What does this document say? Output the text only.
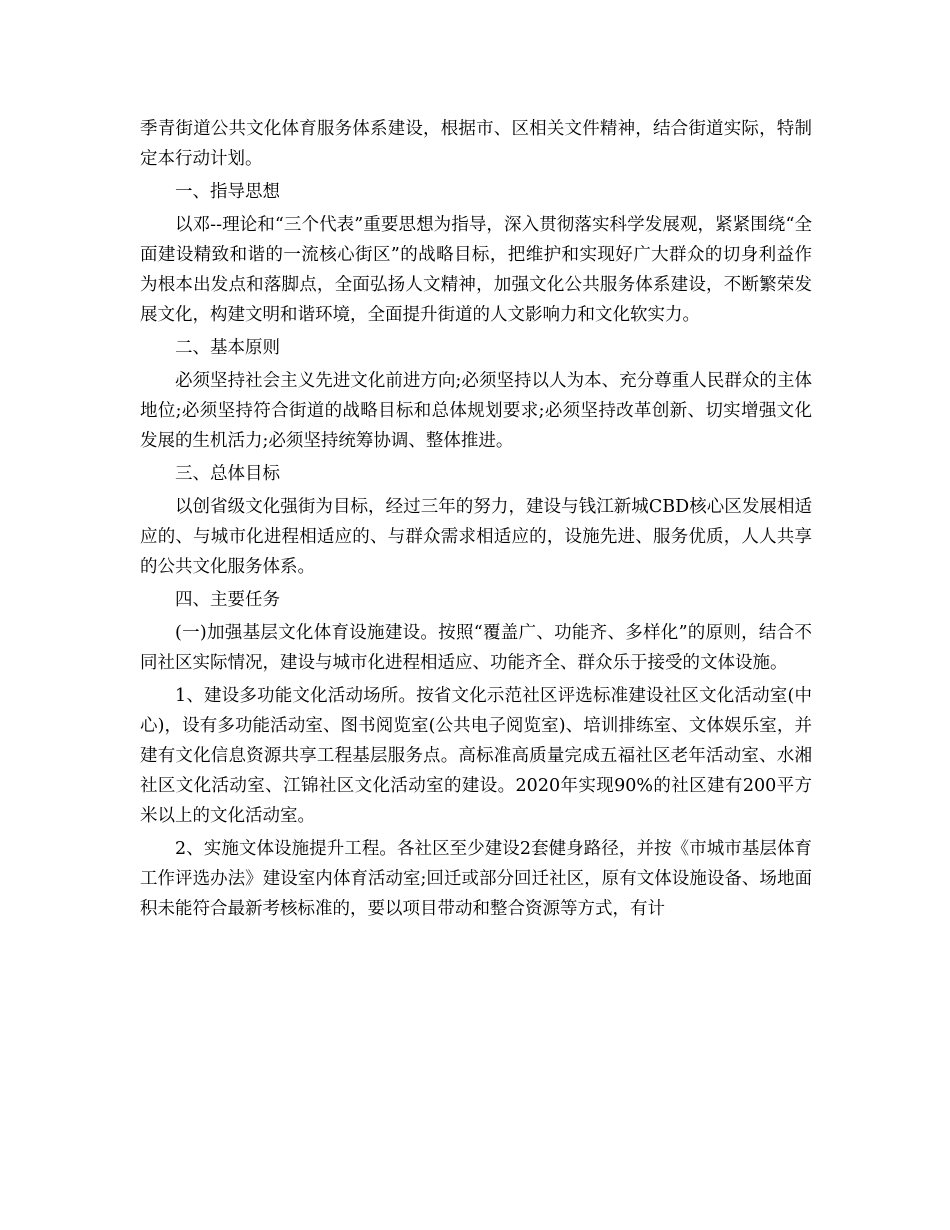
季青街道公共文化体育服务体系建设，根据市、区相关文件精神，结合街道实际，特制定本行动计划。

一、指导思想

以邓--理论和“三个代表”重要思想为指导，深入贯彻落实科学发展观，紧紧围绕“全面建设精致和谐的一流核心街区”的战略目标，把维护和实现好广大群众的切身利益作为根本出发点和落脚点，全面弘扬人文精神，加强文化公共服务体系建设，不断繁荣发展文化，构建文明和谐环境，全面提升街道的人文影响力和文化软实力。

二、基本原则

必须坚持社会主义先进文化前进方向;必须坚持以人为本、充分尊重人民群众的主体地位;必须坚持符合街道的战略目标和总体规划要求;必须坚持改革创新、切实增强文化发展的生机活力;必须坚持统筹协调、整体推进。

三、总体目标

以创省级文化强街为目标，经过三年的努力，建设与钱江新城CBD核心区发展相适应的、与城市化进程相适应的、与群众需求相适应的，设施先进、服务优质，人人共享的公共文化服务体系。

四、主要任务

(一)加强基层文化体育设施建设。按照“覆盖广、功能齐、多样化”的原则，结合不同社区实际情况，建设与城市化进程相适应、功能齐全、群众乐于接受的文体设施。

1、建设多功能文化活动场所。按省文化示范社区评选标准建设社区文化活动室(中心)，设有多功能活动室、图书阅览室(公共电子阅览室)、培训排练室、文体娱乐室，并建有文化信息资源共享工程基层服务点。高标准高质量完成五福社区老年活动室、水湘社区文化活动室、江锦社区文化活动室的建设。2020年实现90%的社区建有200平方米以上的文化活动室。

2、实施文体设施提升工程。各社区至少建设2套健身路径，并按《市城市基层体育工作评选办法》建设室内体育活动室;回迁或部分回迁社区，原有文体设施设备、场地面积未能符合最新考核标准的，要以项目带动和整合资源等方式，有计
